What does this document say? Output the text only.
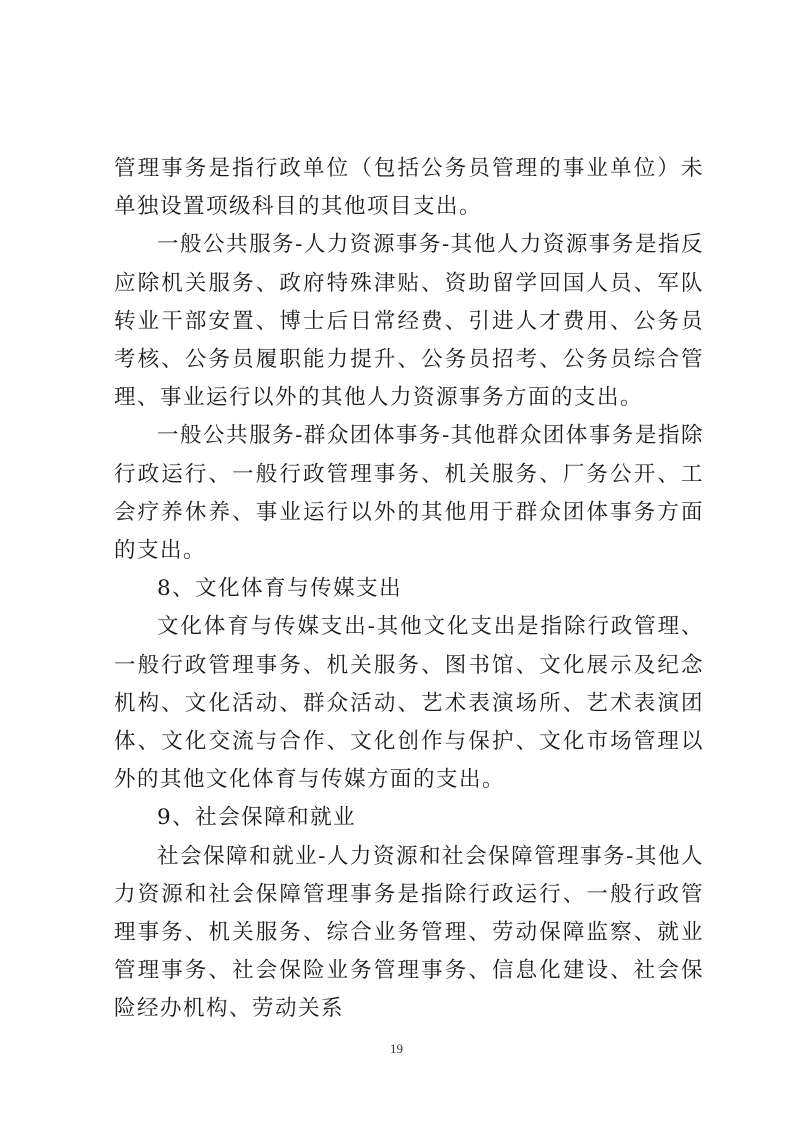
管理事务是指行政单位（包括公务员管理的事业单位）未单独设置项级科目的其他项目支出。

一般公共服务-人力资源事务-其他人力资源事务是指反应除机关服务、政府特殊津贴、资助留学回国人员、军队转业干部安置、博士后日常经费、引进人才费用、公务员考核、公务员履职能力提升、公务员招考、公务员综合管理、事业运行以外的其他人力资源事务方面的支出。

一般公共服务-群众团体事务-其他群众团体事务是指除行政运行、一般行政管理事务、机关服务、厂务公开、工会疗养休养、事业运行以外的其他用于群众团体事务方面的支出。

8、文化体育与传媒支出

文化体育与传媒支出-其他文化支出是指除行政管理、一般行政管理事务、机关服务、图书馆、文化展示及纪念机构、文化活动、群众活动、艺术表演场所、艺术表演团体、文化交流与合作、文化创作与保护、文化市场管理以外的其他文化体育与传媒方面的支出。

9、社会保障和就业

社会保障和就业-人力资源和社会保障管理事务-其他人力资源和社会保障管理事务是指除行政运行、一般行政管理事务、机关服务、综合业务管理、劳动保障监察、就业管理事务、社会保险业务管理事务、信息化建设、社会保险经办机构、劳动关系

19
